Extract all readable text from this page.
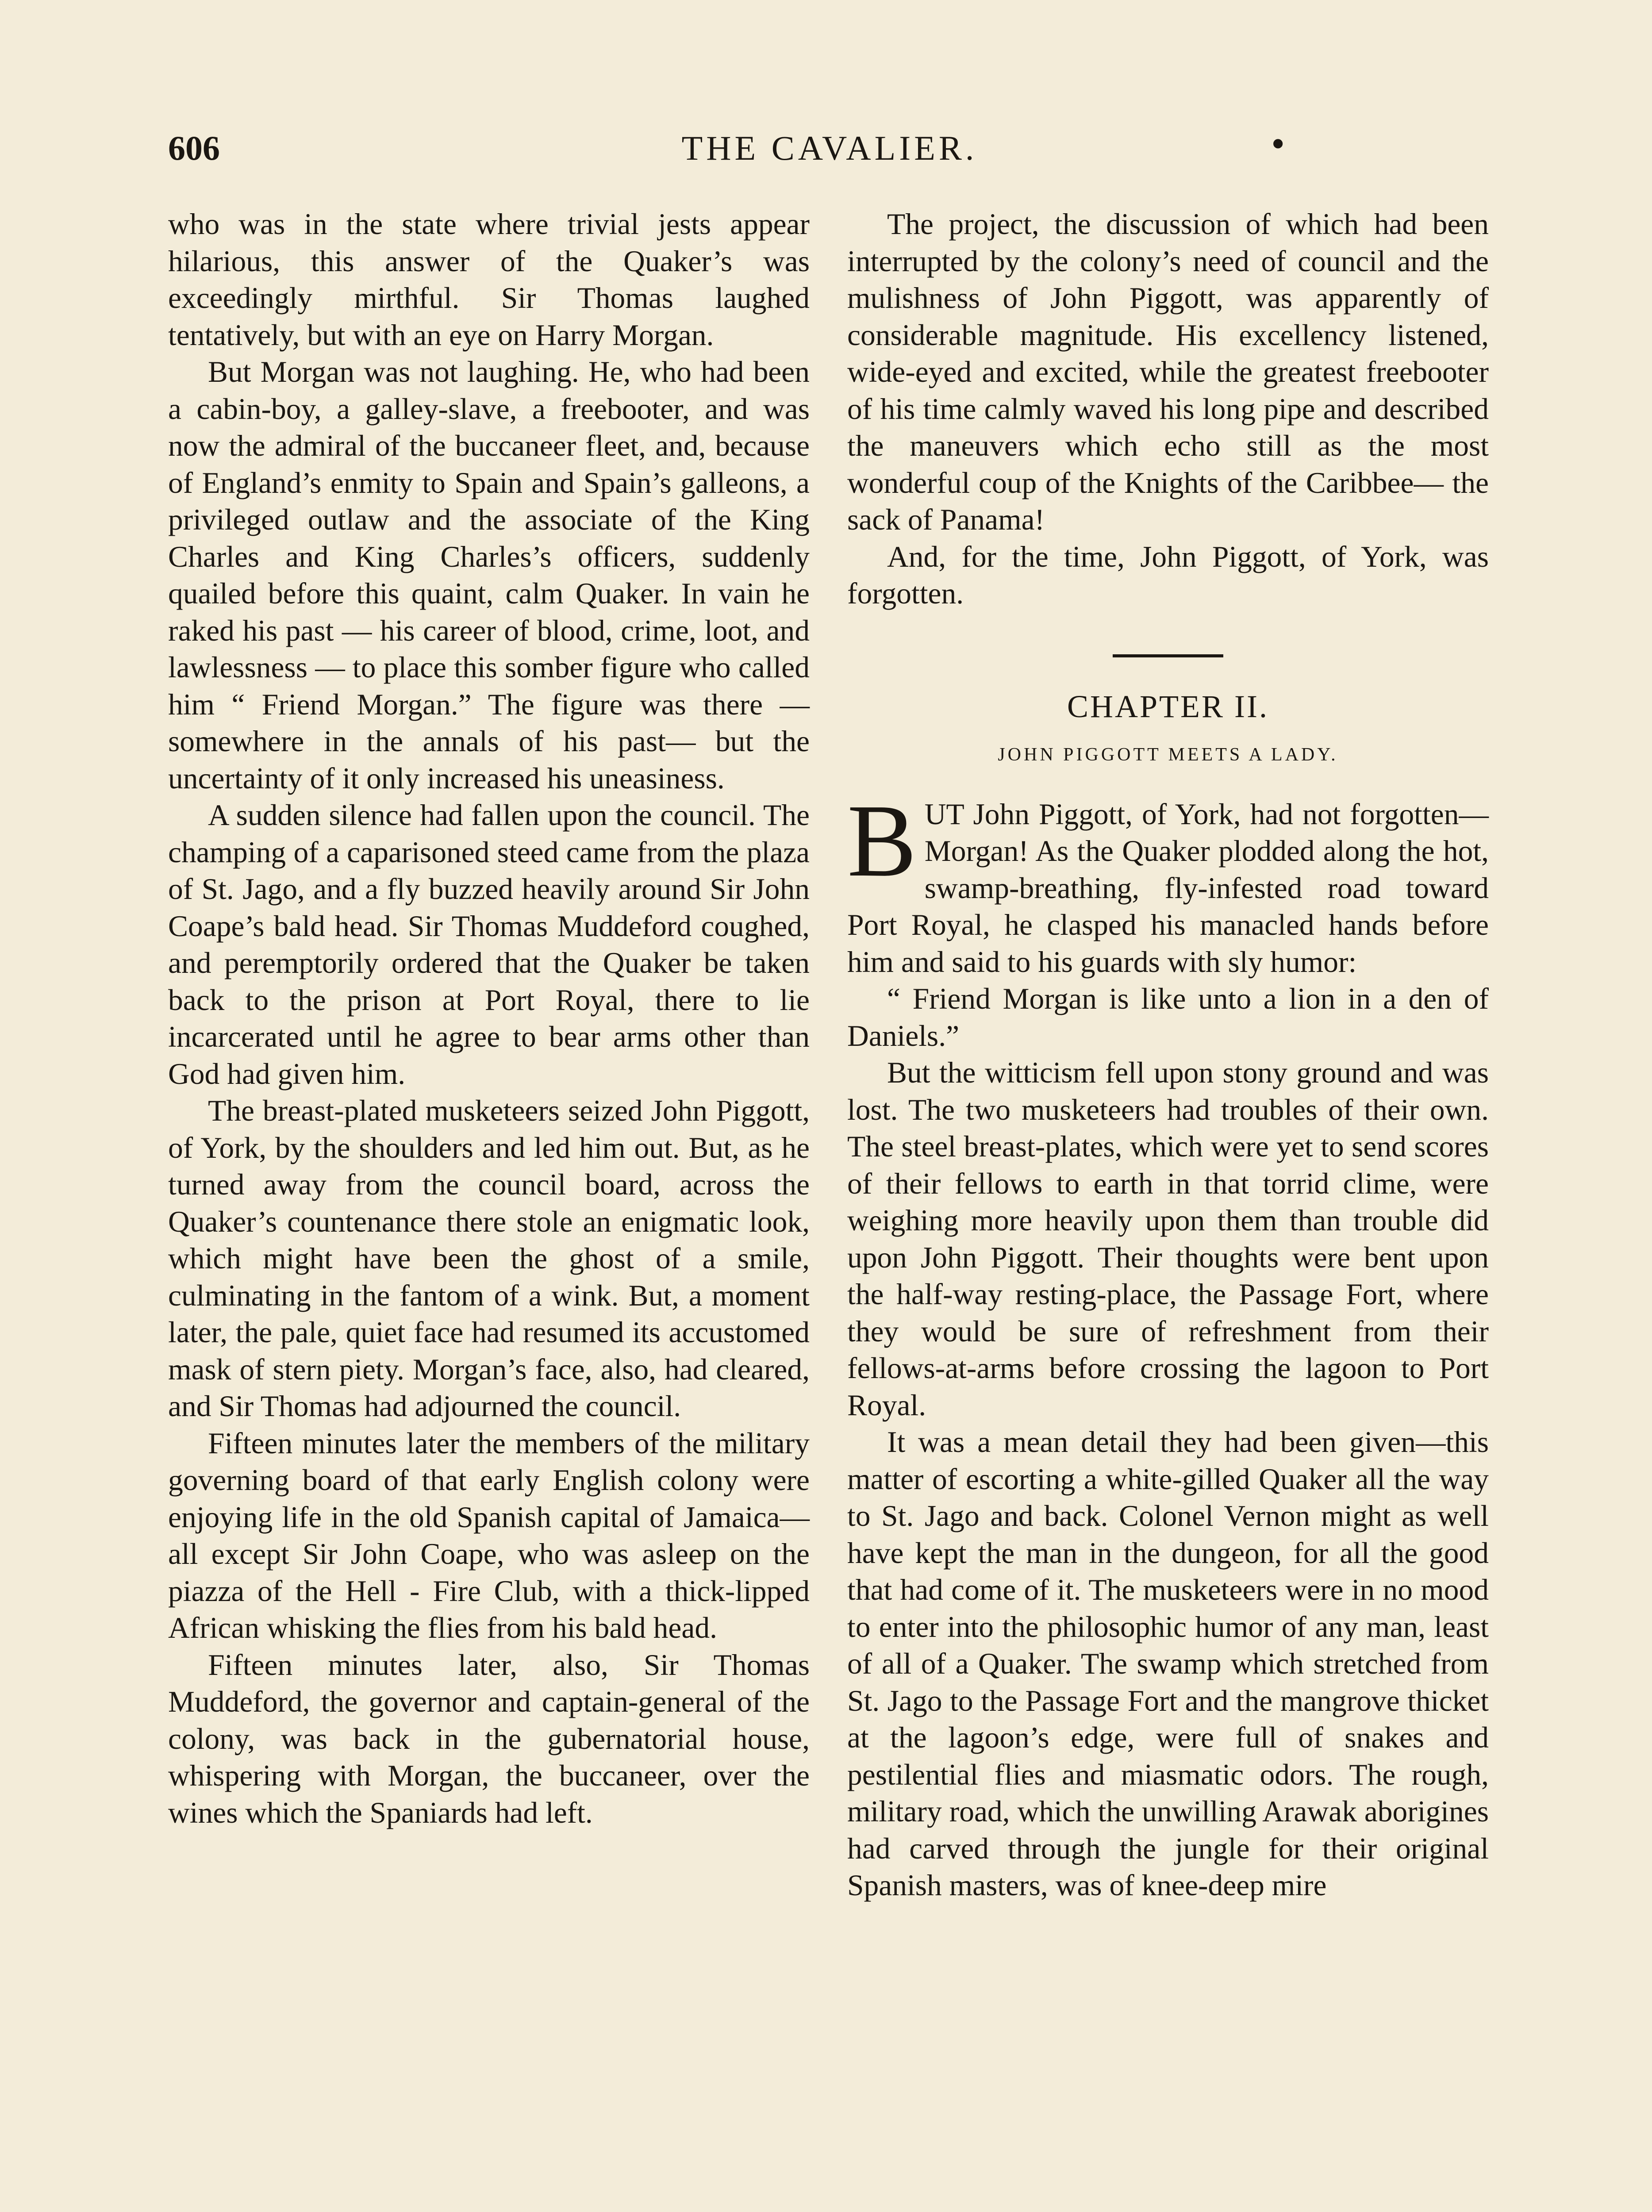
606	THE CAVALIER.	•

who was in the state where trivial jests appear hilarious, this answer of the Quaker’s was exceedingly mirthful. Sir Thomas laughed tentatively, but with an eye on Harry Morgan.

But Morgan was not laughing. He, who had been a cabin-boy, a galley-slave, a freebooter, and was now the admiral of the buccaneer fleet, and, because of England’s enmity to Spain and Spain’s galleons, a privileged outlaw and the associate of the King Charles and King Charles’s officers, suddenly quailed before this quaint, calm Quaker. In vain he raked his past — his career of blood, crime, loot, and lawlessness — to place this somber figure who called him “ Friend Morgan.” The figure was there —somewhere in the annals of his past— but the uncertainty of it only increased his uneasiness.

A sudden silence had fallen upon the council. The champing of a caparisoned steed came from the plaza of St. Jago, and a fly buzzed heavily around Sir John Coape’s bald head. Sir Thomas Muddeford coughed, and peremptorily ordered that the Quaker be taken back to the prison at Port Royal, there to lie incarcerated until he agree to bear arms other than God had given him.

The breast-plated musketeers seized John Piggott, of York, by the shoulders and led him out. But, as he turned away from the council board, across the Quaker’s countenance there stole an enigmatic look, which might have been the ghost of a smile, culminating in the fantom of a wink. But, a moment later, the pale, quiet face had resumed its accustomed mask of stern piety. Morgan’s face, also, had cleared, and Sir Thomas had adjourned the council.

Fifteen minutes later the members of the military governing board of that early English colony were enjoying life in the old Spanish capital of Jamaica— all except Sir John Coape, who was asleep on the piazza of the Hell - Fire Club, with a thick-lipped African whisking the flies from his bald head.

Fifteen minutes later, also, Sir Thomas Muddeford, the governor and captain-general of the colony, was back in the gubernatorial house, whispering with Morgan, the buccaneer, over the wines which the Spaniards had left.

The project, the discussion of which had been interrupted by the colony’s need of council and the mulishness of John Piggott, was apparently of considerable magnitude. His excellency listened, wide-eyed and excited, while the greatest freebooter of his time calmly waved his long pipe and described the maneuvers which echo still as the most wonderful coup of the Knights of the Caribbee— the sack of Panama!

And, for the time, John Piggott, of York, was forgotten.

CHAPTER II.
JOHN PIGGOTT MEETS A LADY.

BUT John Piggott, of York, had not forgotten—Morgan! As the Quaker plodded along the hot, swamp-breathing, fly-infested road toward Port Royal, he clasped his manacled hands before him and said to his guards with sly humor:

“ Friend Morgan is like unto a lion in a den of Daniels.”

But the witticism fell upon stony ground and was lost. The two musketeers had troubles of their own. The steel breast-plates, which were yet to send scores of their fellows to earth in that torrid clime, were weighing more heavily upon them than trouble did upon John Piggott. Their thoughts were bent upon the half-way resting-place, the Passage Fort, where they would be sure of refreshment from their fellows-at-arms before crossing the lagoon to Port Royal.

It was a mean detail they had been given—this matter of escorting a white-gilled Quaker all the way to St. Jago and back. Colonel Vernon might as well have kept the man in the dungeon, for all the good that had come of it. The musketeers were in no mood to enter into the philosophic humor of any man, least of all of a Quaker. The swamp which stretched from St. Jago to the Passage Fort and the mangrove thicket at the lagoon’s edge, were full of snakes and pestilential flies and miasmatic odors. The rough, military road, which the unwilling Arawak aborigines had carved through the jungle for their original Spanish masters, was of knee-deep mire
